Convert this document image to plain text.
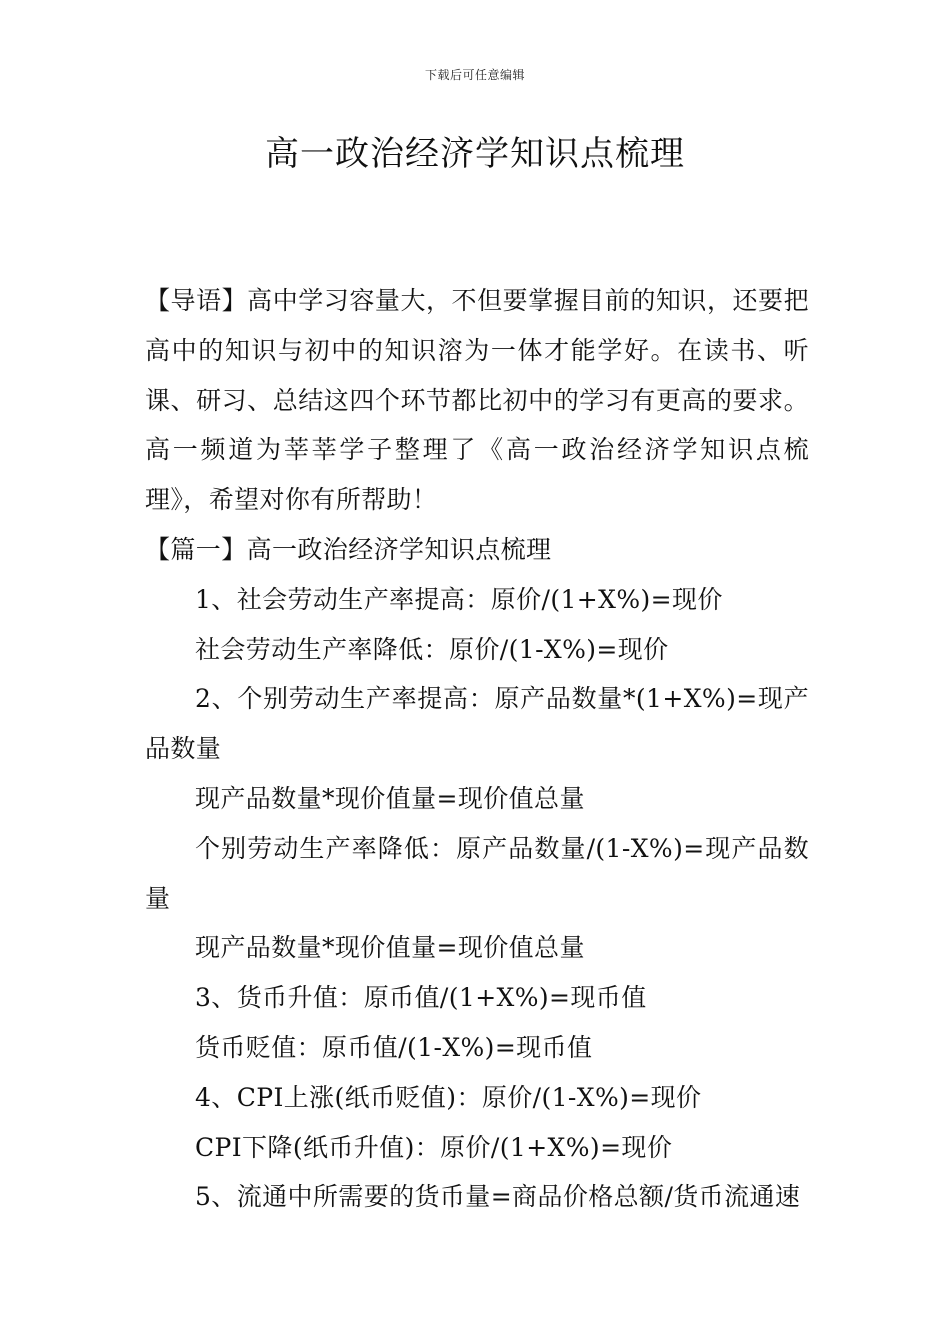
下载后可任意编辑
高一政治经济学知识点梳理

【导语】高中学习容量大，不但要掌握目前的知识，还要把高中的知识与初中的知识溶为一体才能学好。在读书、听课、研习、总结这四个环节都比初中的学习有更高的要求。高一频道为莘莘学子整理了《高一政治经济学知识点梳理》，希望对你有所帮助！

【篇一】高一政治经济学知识点梳理

1、社会劳动生产率提高：原价/(1+X%)=现价

社会劳动生产率降低：原价/(1-X%)=现价

2、个别劳动生产率提高：原产品数量*(1+X%)=现产品数量

现产品数量*现价值量=现价值总量

个别劳动生产率降低：原产品数量/(1-X%)=现产品数量

现产品数量*现价值量=现价值总量

3、货币升值：原币值/(1+X%)=现币值

货币贬值：原币值/(1-X%)=现币值

4、CPI上涨(纸币贬值)：原价/(1-X%)=现价

CPI下降(纸币升值)：原价/(1+X%)=现价

5、流通中所需要的货币量=商品价格总额/货币流通速
